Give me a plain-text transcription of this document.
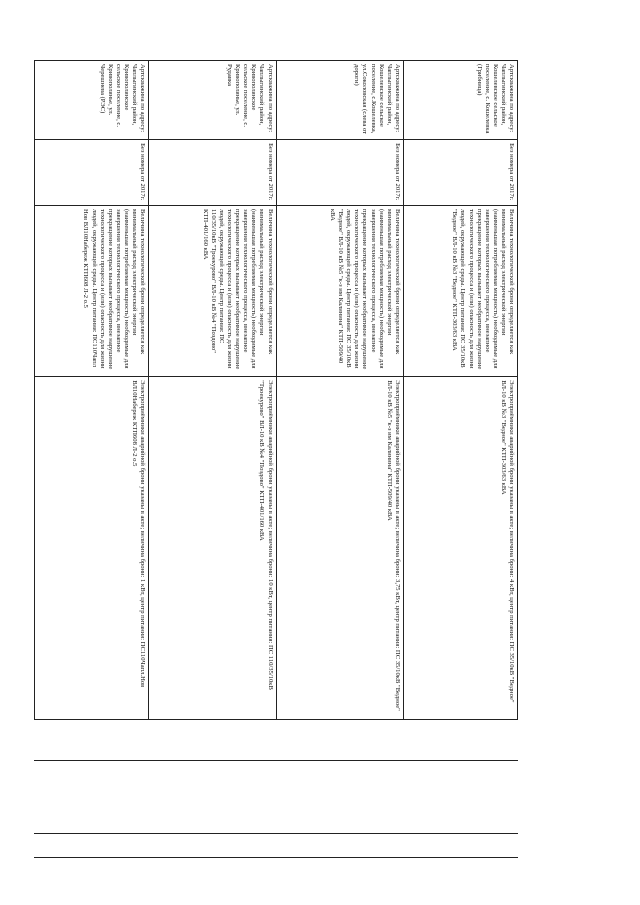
Артскважина по адресу: Чаплыгинский район, Кошелевское сельское поселение, с. Кошелевка (Грибница)	Без номера от 2017г.	Величина технологической брони определяется как минимальный расход электрической энергии (наименьшая потребляемая мощность) необходимые для завершения технологического процесса, внезапное прекращение которых вызывает необратимое нарушение технологического процесса и (или) опасность для жизни людей, окружающей среды. Центр питания: ПС 35/10кВ "Ведное" ВЛ-10 кВ №3 "Ведное" КТП-303/63 кВА	Электроприёмники аварийной брони указаны в акте; величина брони: 4 кВт, центр питания: ПС 35/10кВ "Ведное" ВЛ-10 кВ №3 "Ведное" КТП-303/63 кВА
Артскважина по адресу: Чаплыгинский район, Кошелевское сельское поселение, с.Кошелевка, ул.Соколовская (слева от дороги)	Без номера от 2017г.	Величина технологической брони определяется как минимальный расход электрической энергии (наименьшая потребляемая мощность) необходимые для завершения технологического процесса, внезапное прекращение которых вызывает необратимое нарушение технологического процесса и (или) опасность для жизни людей, окружающей среды. Центр питания: ПС 35/10кВ "Ведное" ВЛ-10 кВ №5 "к-з им Калинина" КТП-509/40 кВА	Электроприёмники аварийной брони указаны в акте; величина брони: 3,75 кВт, центр питания: ПС 35/10кВ "Ведное" ВЛ-10 кВ №5 "к-з им Калинина" КТП-509/40 кВА
Артскважина по адресу: Чаплыгинский район, Кривополянское сельское поселение, с. Кривополянье, ул. Рудавка	Без номера от 2017г.	Величина технологической брони определяется как минимальный расход электрической энергии (наименьшая потребляемая мощность) необходимые для завершения технологического процесса, внезапное прекращение которых вызывает необратимое нарушение технологического процесса и (или) опасность для жизни людей, окружающей среды. Центр питания: ПС 110/35/10кВ "Троекурово" ВЛ-10 кВ №4 "Поздово" КТП-401/160 кВА	Электроприёмники аварийной брони указаны в акте; величина брони: 10 кВт, центр питания: ПС 110/35/10кВ "Троекурово" ВЛ-10 кВ №4 "Поздово" КТП-401/160 кВА
Артскважина по адресу: Чаплыгинский район, Кривополянское сельское поселение, с. Кривополянье, ул. Черешнева (РЭС)	Без номера от 2017г.	Величина технологической брони определяется как минимальный расход электрической энергии (наименьшая потребляемая мощность) необходимые для завершения технологического процесса, внезапное прекращение которых вызывает необратимое нарушение технологического процесса и (или) опасность для жизни людей, окружающей среды. Центр питания: ПС110Чапл Нов ВЛ10Набереж КТП608 Л-2 о.5	Электроприёмники аварийной брони указаны в акте; величина брони: 1 кВт, центр питания: ПС110Чапл.Нов ВЛ10Набереж КТП608 Л-2 о.5
